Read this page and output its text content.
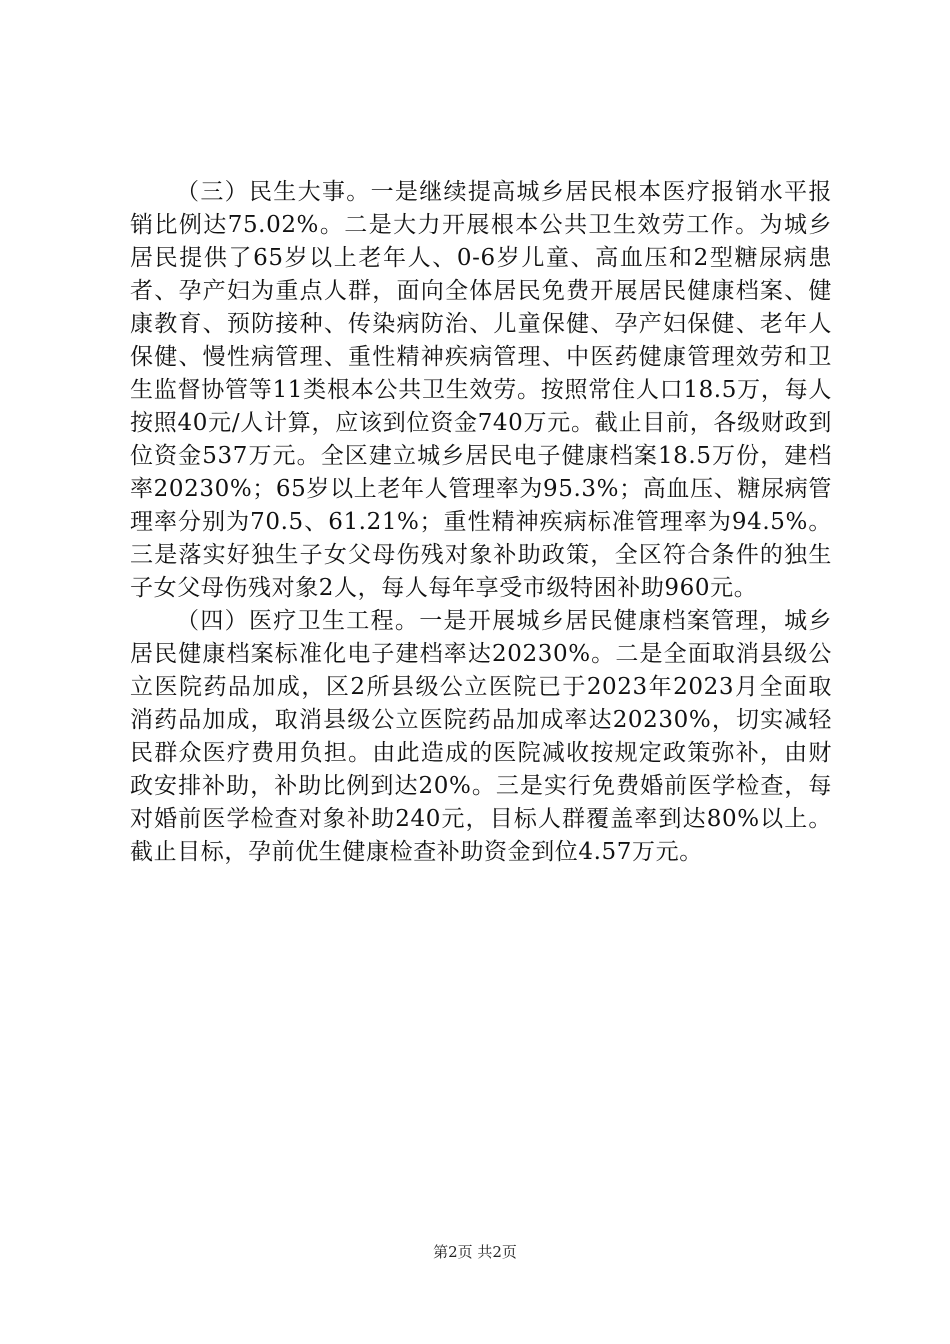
（三）民生大事。一是继续提高城乡居民根本医疗报销水平报销比例达75.02%。二是大力开展根本公共卫生效劳工作。为城乡居民提供了65岁以上老年人、0-6岁儿童、高血压和2型糖尿病患者、孕产妇为重点人群，面向全体居民免费开展居民健康档案、健康教育、预防接种、传染病防治、儿童保健、孕产妇保健、老年人保健、慢性病管理、重性精神疾病管理、中医药健康管理效劳和卫生监督协管等11类根本公共卫生效劳。按照常住人口18.5万，每人按照40元/人计算，应该到位资金740万元。截止目前，各级财政到位资金537万元。全区建立城乡居民电子健康档案18.5万份，建档率20230%；65岁以上老年人管理率为95.3%；高血压、糖尿病管理率分别为70.5、61.21%；重性精神疾病标准管理率为94.5%。三是落实好独生子女父母伤残对象补助政策，全区符合条件的独生子女父母伤残对象2人，每人每年享受市级特困补助960元。

（四）医疗卫生工程。一是开展城乡居民健康档案管理，城乡居民健康档案标准化电子建档率达20230%。二是全面取消县级公立医院药品加成，区2所县级公立医院已于2023年2023月全面取消药品加成，取消县级公立医院药品加成率达20230%，切实减轻民群众医疗费用负担。由此造成的医院减收按规定政策弥补，由财政安排补助，补助比例到达20%。三是实行免费婚前医学检查，每对婚前医学检查对象补助240元，目标人群覆盖率到达80%以上。截止目标，孕前优生健康检查补助资金到位4.57万元。

第2页 共2页
